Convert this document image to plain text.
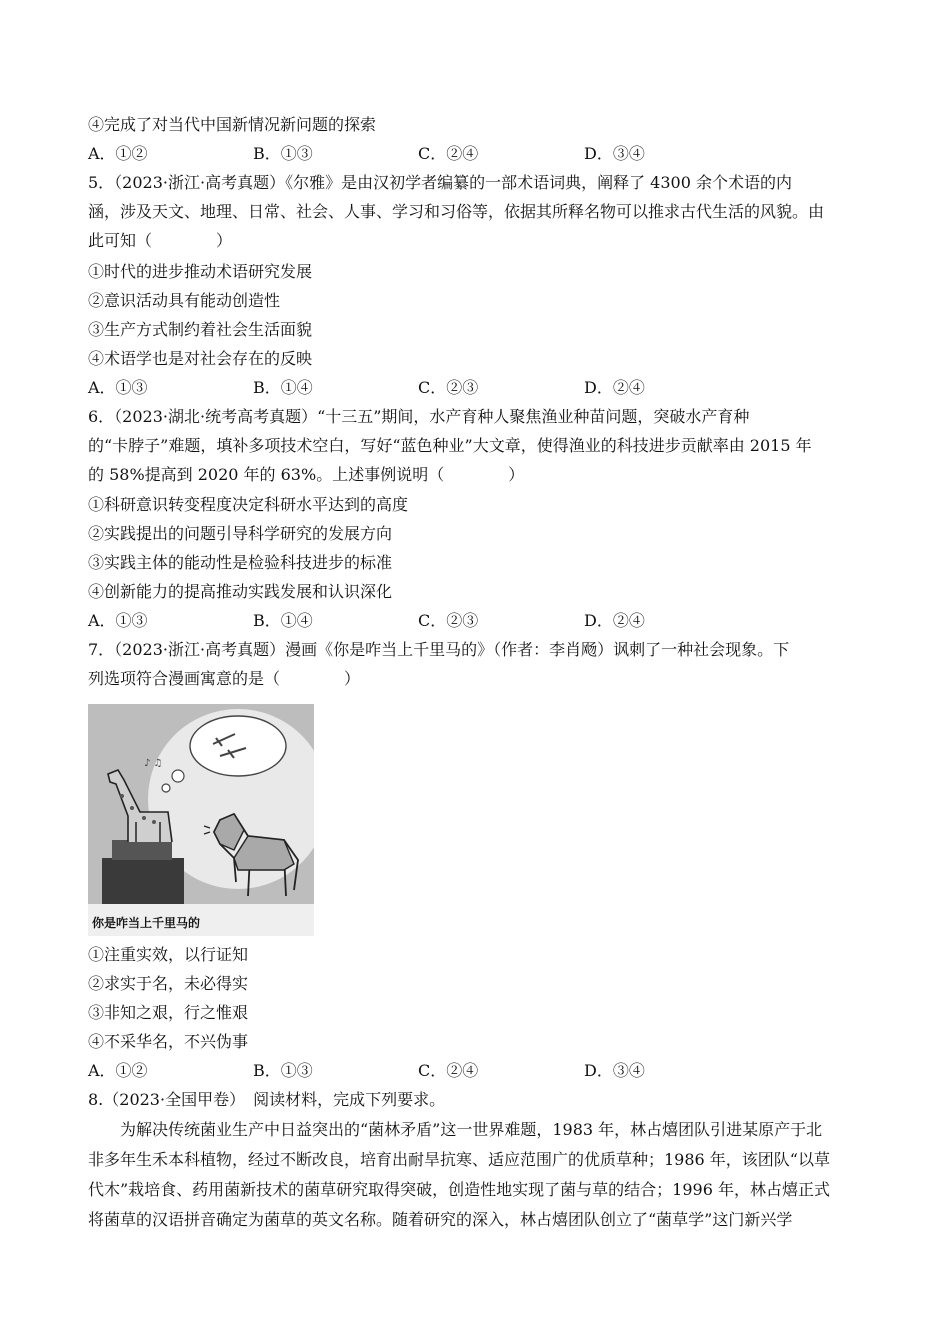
④完成了对当代中国新情况新问题的探索
A．①②	B．①③	C．②④	D．③④
5．（2023·浙江·高考真题）《尔雅》是由汉初学者编纂的一部术语词典，阐释了 4300 余个术语的内
涵，涉及天文、地理、日常、社会、人事、学习和习俗等，依据其所释名物可以推求古代生活的风貌。由
此可知（　　　　）
①时代的进步推动术语研究发展
②意识活动具有能动创造性
③生产方式制约着社会生活面貌
④术语学也是对社会存在的反映
A．①③	B．①④	C．②③	D．②④
6．（2023·湖北·统考高考真题）“十三五”期间，水产育种人聚焦渔业种苗问题，突破水产育种
的“卡脖子”难题，填补多项技术空白，写好“蓝色种业”大文章，使得渔业的科技进步贡献率由 2015 年
的 58%提高到 2020 年的 63%。上述事例说明（　　　　）
①科研意识转变程度决定科研水平达到的高度
②实践提出的问题引导科学研究的发展方向
③实践主体的能动性是检验科技进步的标准
④创新能力的提高推动实践发展和认识深化
A．①③	B．①④	C．②③	D．②④
7．（2023·浙江·高考真题）漫画《你是咋当上千里马的》（作者：李肖飏）讽刺了一种社会现象。下
列选项符合漫画寓意的是（　　　　）
♪ ♫
你是咋当上千里马的
①注重实效，以行证知
②求实于名，未必得实
③非知之艰，行之惟艰
④不采华名，不兴伪事
A．①②	B．①③	C．②④	D．③④
8.（2023·全国甲卷）　阅读材料，完成下列要求。
为解决传统菌业生产中日益突出的“菌林矛盾”这一世界难题，1983 年，林占熺团队引进某原产于北
非多年生禾本科植物，经过不断改良，培育出耐旱抗寒、适应范围广的优质草种；1986 年，该团队“以草
代木”栽培食、药用菌新技术的菌草研究取得突破，创造性地实现了菌与草的结合；1996 年，林占熺正式
将菌草的汉语拼音确定为菌草的英文名称。随着研究的深入，林占熺团队创立了“菌草学”这门新兴学
